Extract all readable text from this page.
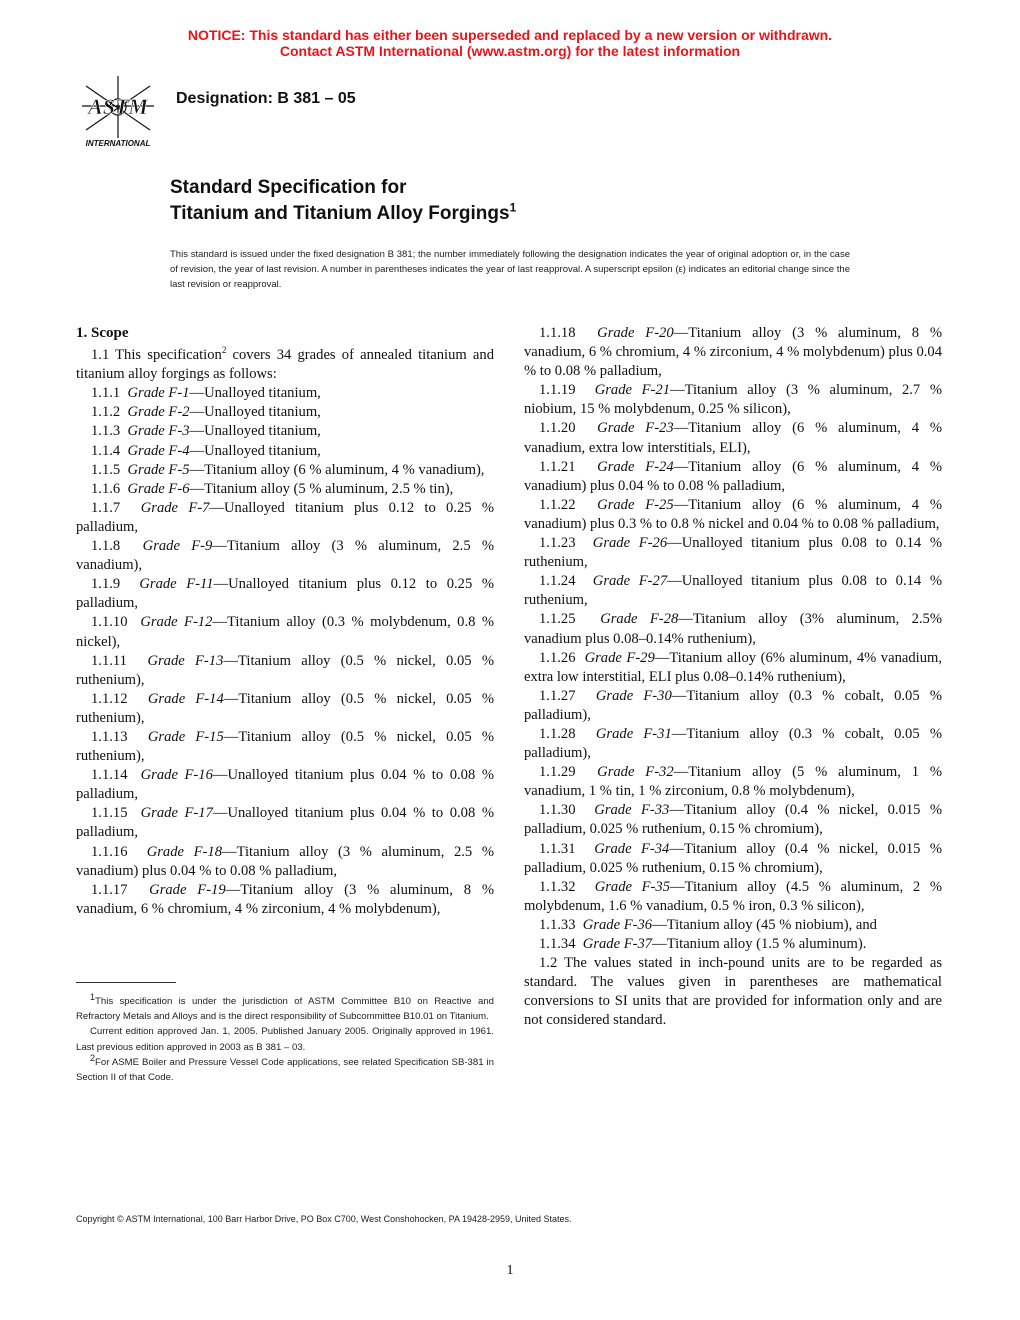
NOTICE: This standard has either been superseded and replaced by a new version or withdrawn.
Contact ASTM International (www.astm.org) for the latest information
ASTM
INTERNATIONAL
Designation: B 381 – 05
Standard Specification for
Titanium and Titanium Alloy Forgings$^1$
This standard is issued under the fixed designation B 381; the number immediately following the designation indicates the year of original adoption or, in the case of revision, the year of last revision. A number in parentheses indicates the year of last reapproval. A superscript epsilon (ε) indicates an editorial change since the last revision or reapproval.
1. Scope
1.1 This specification$^2$ covers 34 grades of annealed titanium and titanium alloy forgings as follows:
1.1.1  Grade F-1—Unalloyed titanium,
1.1.2  Grade F-2—Unalloyed titanium,
1.1.3  Grade F-3—Unalloyed titanium,
1.1.4  Grade F-4—Unalloyed titanium,
1.1.5  Grade F-5—Titanium alloy (6 % aluminum, 4 % vanadium),
1.1.6  Grade F-6—Titanium alloy (5 % aluminum, 2.5 % tin),
1.1.7  Grade F-7—Unalloyed titanium plus 0.12 to 0.25 % palladium,
1.1.8  Grade F-9—Titanium alloy (3 % aluminum, 2.5 % vanadium),
1.1.9  Grade F-11—Unalloyed titanium plus 0.12 to 0.25 % palladium,
1.1.10  Grade F-12—Titanium alloy (0.3 % molybdenum, 0.8 % nickel),
1.1.11  Grade F-13—Titanium alloy (0.5 % nickel, 0.05 % ruthenium),
1.1.12  Grade F-14—Titanium alloy (0.5 % nickel, 0.05 % ruthenium),
1.1.13  Grade F-15—Titanium alloy (0.5 % nickel, 0.05 % ruthenium),
1.1.14  Grade F-16—Unalloyed titanium plus 0.04 % to 0.08 % palladium,
1.1.15  Grade F-17—Unalloyed titanium plus 0.04 % to 0.08 % palladium,
1.1.16  Grade F-18—Titanium alloy (3 % aluminum, 2.5 % vanadium) plus 0.04 % to 0.08 % palladium,
1.1.17  Grade F-19—Titanium alloy (3 % aluminum, 8 % vanadium, 6 % chromium, 4 % zirconium, 4 % molybdenum),
1.1.18  Grade F-20—Titanium alloy (3 % aluminum, 8 % vanadium, 6 % chromium, 4 % zirconium, 4 % molybdenum) plus 0.04 % to 0.08 % palladium,
1.1.19  Grade F-21—Titanium alloy (3 % aluminum, 2.7 % niobium, 15 % molybdenum, 0.25 % silicon),
1.1.20  Grade F-23—Titanium alloy (6 % aluminum, 4 % vanadium, extra low interstitials, ELI),
1.1.21  Grade F-24—Titanium alloy (6 % aluminum, 4 % vanadium) plus 0.04 % to 0.08 % palladium,
1.1.22  Grade F-25—Titanium alloy (6 % aluminum, 4 % vanadium) plus 0.3 % to 0.8 % nickel and 0.04 % to 0.08 % palladium,
1.1.23  Grade F-26—Unalloyed titanium plus 0.08 to 0.14 % ruthenium,
1.1.24  Grade F-27—Unalloyed titanium plus 0.08 to 0.14 % ruthenium,
1.1.25  Grade F-28—Titanium alloy (3% aluminum, 2.5% vanadium plus 0.08–0.14% ruthenium),
1.1.26  Grade F-29—Titanium alloy (6% aluminum, 4% vanadium, extra low interstitial, ELI plus 0.08–0.14% ruthenium),
1.1.27  Grade F-30—Titanium alloy (0.3 % cobalt, 0.05 % palladium),
1.1.28  Grade F-31—Titanium alloy (0.3 % cobalt, 0.05 % palladium),
1.1.29  Grade F-32—Titanium alloy (5 % aluminum, 1 % vanadium, 1 % tin, 1 % zirconium, 0.8 % molybdenum),
1.1.30  Grade F-33—Titanium alloy (0.4 % nickel, 0.015 % palladium, 0.025 % ruthenium, 0.15 % chromium),
1.1.31  Grade F-34—Titanium alloy (0.4 % nickel, 0.015 % palladium, 0.025 % ruthenium, 0.15 % chromium),
1.1.32  Grade F-35—Titanium alloy (4.5 % aluminum, 2 % molybdenum, 1.6 % vanadium, 0.5 % iron, 0.3 % silicon),
1.1.33  Grade F-36—Titanium alloy (45 % niobium), and
1.1.34  Grade F-37—Titanium alloy (1.5 % aluminum).
1.2 The values stated in inch-pound units are to be regarded as standard. The values given in parentheses are mathematical conversions to SI units that are provided for information only and are not considered standard.
$^1$This specification is under the jurisdiction of ASTM Committee B10 on Reactive and Refractory Metals and Alloys and is the direct responsibility of Subcommittee B10.01 on Titanium.
Current edition approved Jan. 1, 2005. Published January 2005. Originally approved in 1961. Last previous edition approved in 2003 as B 381 – 03.
$^2$For ASME Boiler and Pressure Vessel Code applications, see related Specification SB-381 in Section II of that Code.
Copyright © ASTM International, 100 Barr Harbor Drive, PO Box C700, West Conshohocken, PA 19428-2959, United States.
1
